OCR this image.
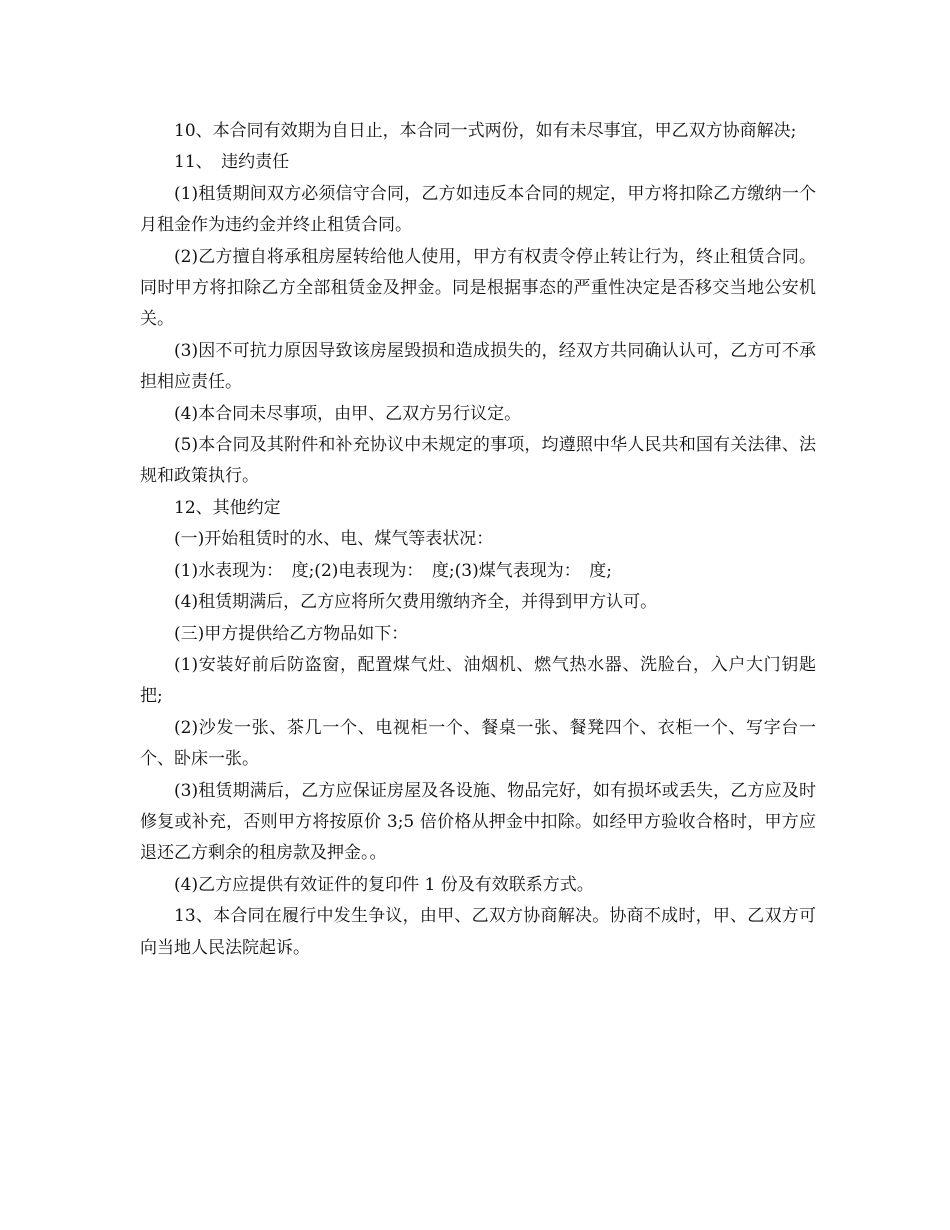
10、本合同有效期为自日止，本合同一式两份，如有未尽事宜，甲乙双方协商解决;

11、　违约责任

(1)租赁期间双方必须信守合同，乙方如违反本合同的规定，甲方将扣除乙方缴纳一个月租金作为违约金并终止租赁合同。

(2)乙方擅自将承租房屋转给他人使用，甲方有权责令停止转让行为，终止租赁合同。同时甲方将扣除乙方全部租赁金及押金。同是根据事态的严重性决定是否移交当地公安机关。

(3)因不可抗力原因导致该房屋毁损和造成损失的，经双方共同确认认可，乙方可不承担相应责任。

(4)本合同未尽事项，由甲、乙双方另行议定。

(5)本合同及其附件和补充协议中未规定的事项，均遵照中华人民共和国有关法律、法规和政策执行。

12、其他约定

(一)开始租赁时的水、电、煤气等表状况：

(1)水表现为：　度;(2)电表现为：　度;(3)煤气表现为：　度;

(4)租赁期满后，乙方应将所欠费用缴纳齐全，并得到甲方认可。

(三)甲方提供给乙方物品如下：

(1)安装好前后防盗窗，配置煤气灶、油烟机、燃气热水器、洗脸台，入户大门钥匙 把;

(2)沙发一张、茶几一个、电视柜一个、餐桌一张、餐凳四个、衣柜一个、写字台一个、卧床一张。

(3)租赁期满后，乙方应保证房屋及各设施、物品完好，如有损坏或丢失，乙方应及时修复或补充，否则甲方将按原价 3;5 倍价格从押金中扣除。如经甲方验收合格时，甲方应退还乙方剩余的租房款及押金。。

(4)乙方应提供有效证件的复印件 1 份及有效联系方式。

13、本合同在履行中发生争议，由甲、乙双方协商解决。协商不成时，甲、乙双方可向当地人民法院起诉。
